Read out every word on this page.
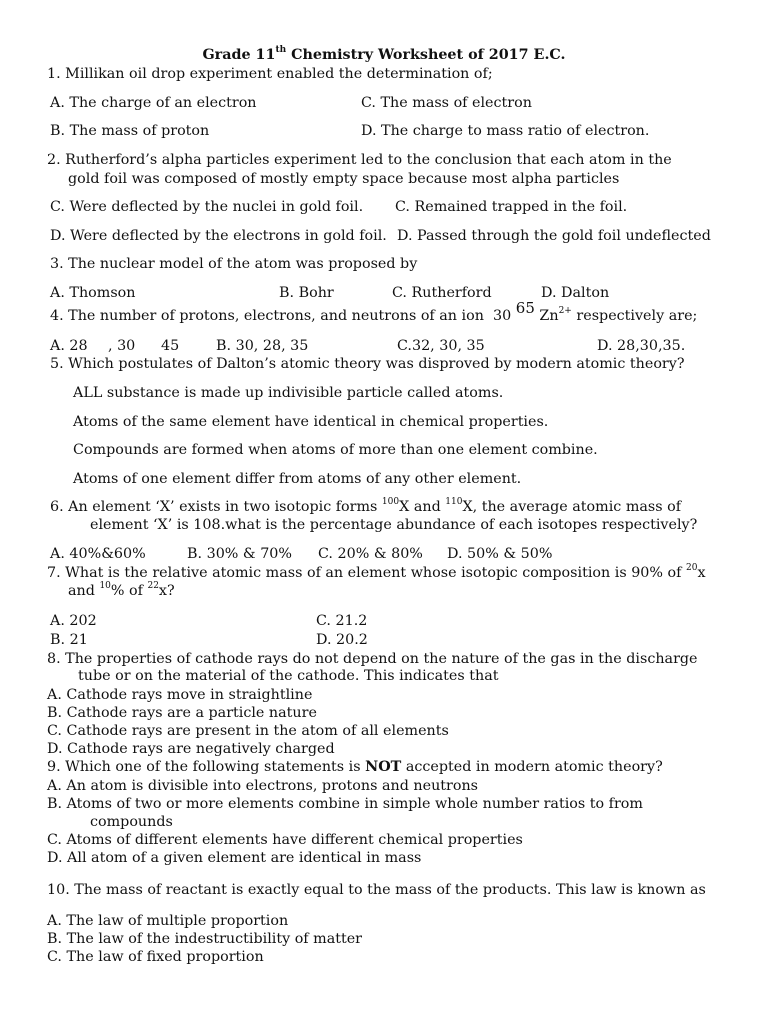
Grade 11th Chemistry Worksheet of 2017 E.C.
1. Millikan oil drop experiment enabled the determination of;
A. The charge of an electron	C. The mass of electron
B. The mass of proton	D. The charge to mass ratio of electron.
2. Rutherford’s alpha particles experiment led to the conclusion that each atom in the
gold foil was composed of mostly empty space because most alpha particles
C. Were deflected by the nuclei in gold foil. C. Remained trapped in the foil.
D. Were deflected by the electrons in gold foil. D. Passed through the gold foil undeflected
3. The nuclear model of the atom was proposed by
A. Thomson	B. Bohr	C. Rutherford	D. Dalton
4. The number of protons, electrons, and neutrons of an ion 30 $^{65}$ $Zn^{2+}$ respectively are;
A. 28 , 30 45	B. 30, 28, 35	C.32, 30, 35	D. 28,30,35.
5. Which postulates of Dalton’s atomic theory was disproved by modern atomic theory?
ALL substance is made up indivisible particle called atoms.
Atoms of the same element have identical in chemical properties.
Compounds are formed when atoms of more than one element combine.
Atoms of one element differ from atoms of any other element.
6. An element ‘X’ exists in two isotopic forms $^{100}$X and $^{110}$X, the average atomic mass of
element ‘X’ is 108.what is the percentage abundance of each isotopes respectively?
A. 40%&60%	B. 30% & 70% C. 20% & 80% D. 50% & 50%
7. What is the relative atomic mass of an element whose isotopic composition is 90% of $^{20}$x
and $^{10}$% of $^{22}$x?
A. 202	C. 21.2
B. 21	D. 20.2
8. The properties of cathode rays do not depend on the nature of the gas in the discharge
tube or on the material of the cathode. This indicates that
A. Cathode rays move in straightline
B. Cathode rays are a particle nature
C. Cathode rays are present in the atom of all elements
D. Cathode rays are negatively charged
9. Which one of the following statements is NOT accepted in modern atomic theory?
A. An atom is divisible into electrons, protons and neutrons
B. Atoms of two or more elements combine in simple whole number ratios to from
compounds
C. Atoms of different elements have different chemical properties
D. All atom of a given element are identical in mass
10. The mass of reactant is exactly equal to the mass of the products. This law is known as
A. The law of multiple proportion
B. The law of the indestructibility of matter
C. The law of fixed proportion
